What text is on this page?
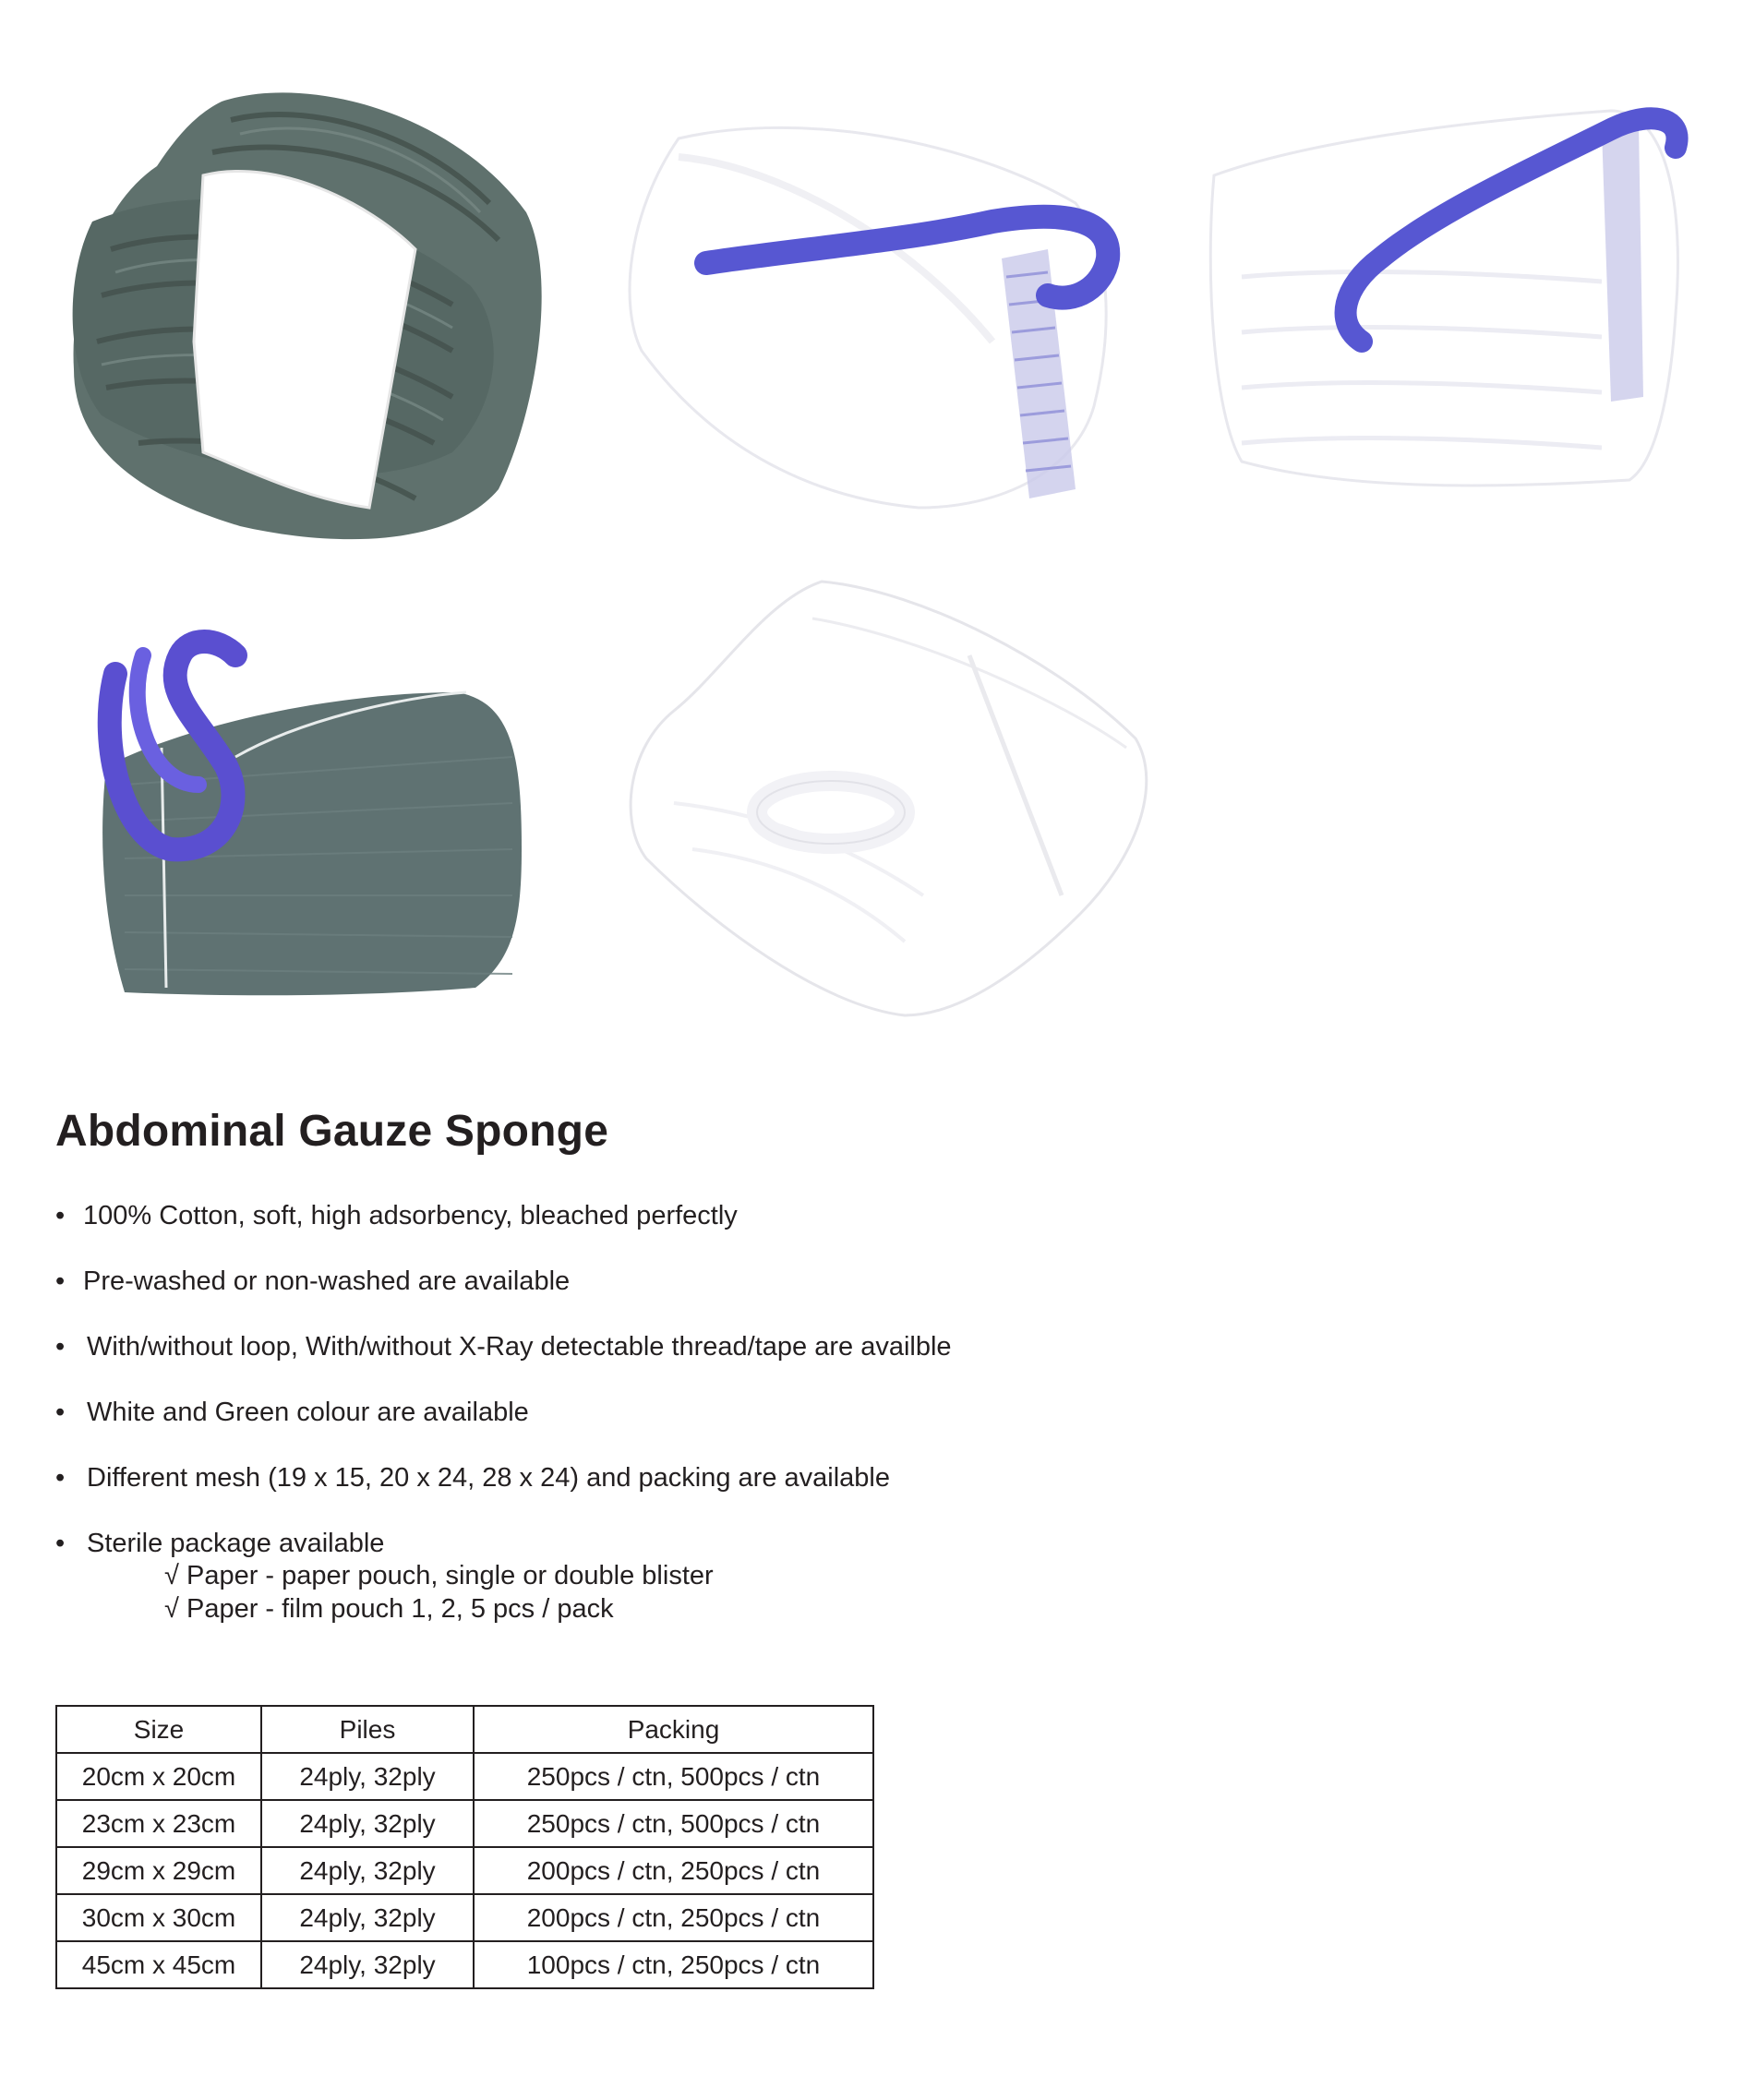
Abdominal Gauze Sponge
• 100% Cotton, soft, high adsorbency, bleached perfectly
• Pre-washed or non-washed are available
• With/without loop, With/without X-Ray detectable thread/tape are availble
• White and Green colour are available
• Different mesh (19 x 15, 20 x 24, 28 x 24) and packing are available
• Sterile package available
√ Paper - paper pouch, single or double blister
√ Paper - film pouch 1, 2, 5 pcs / pack
Size	Piles	Packing
20cm x 20cm	24ply, 32ply	250pcs / ctn, 500pcs / ctn
23cm x 23cm	24ply, 32ply	250pcs / ctn, 500pcs / ctn
29cm x 29cm	24ply, 32ply	200pcs / ctn, 250pcs / ctn
30cm x 30cm	24ply, 32ply	200pcs / ctn, 250pcs / ctn
45cm x 45cm	24ply, 32ply	100pcs / ctn, 250pcs / ctn
